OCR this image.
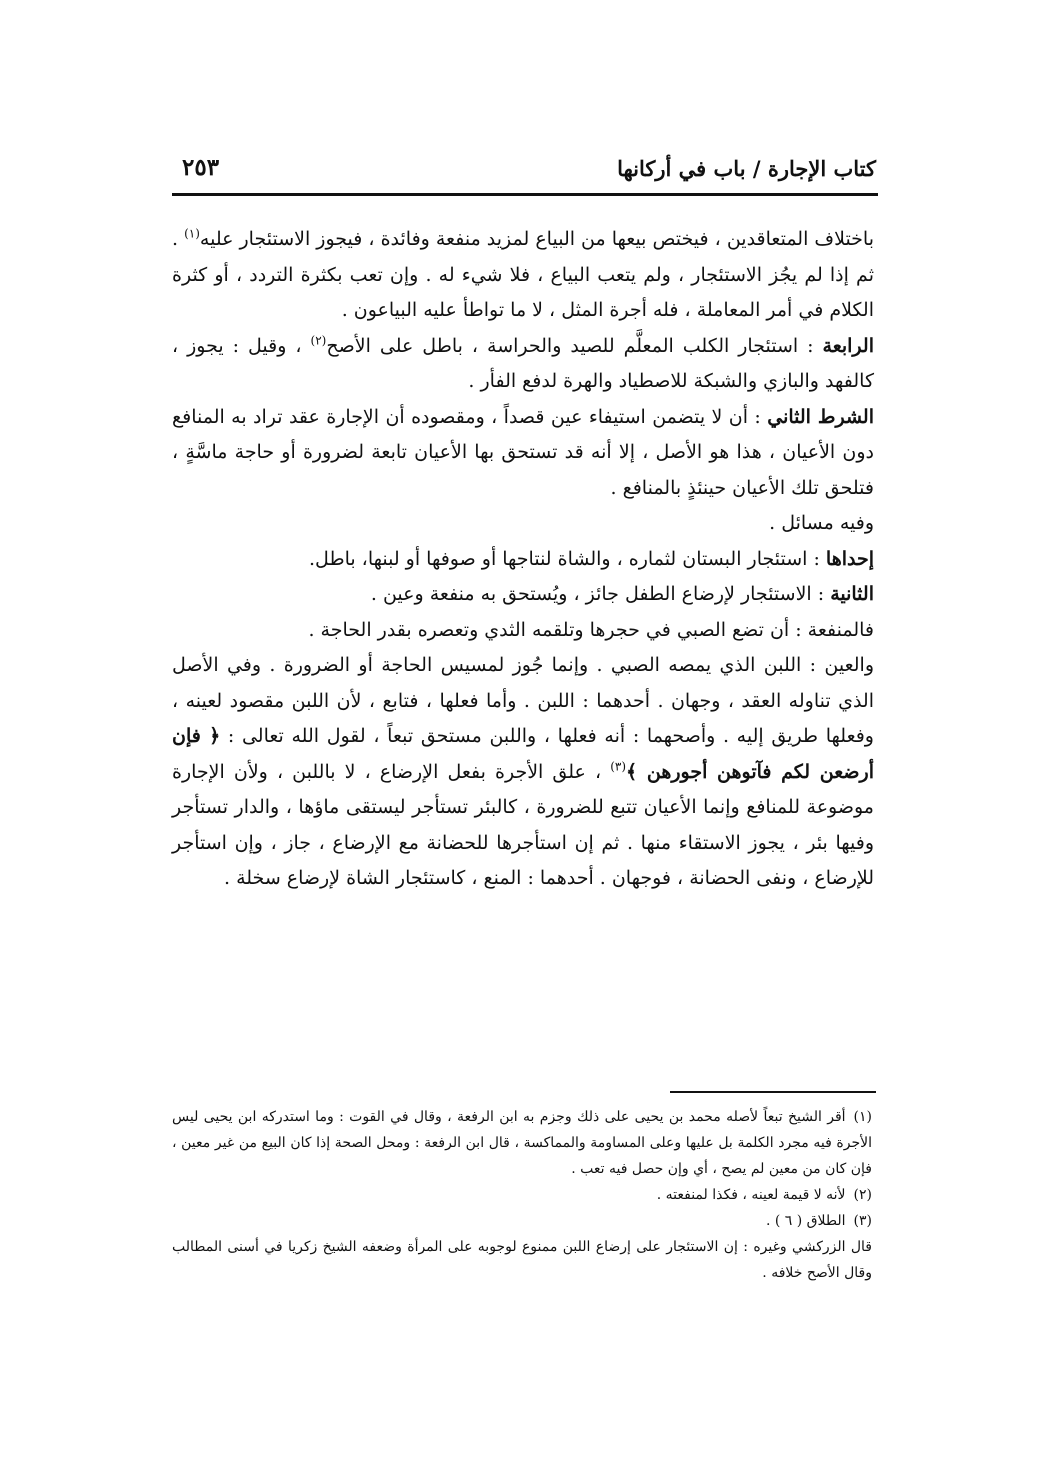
كتاب الإجارة / باب في أركانها
٢٥٣

باختلاف المتعاقدين ، فيختص بيعها من البياع لمزيد منفعة وفائدة ، فيجوز الاستئجار عليه$^{(١)}$ . ثم إذا لم يجُز الاستئجار ، ولم يتعب البياع ، فلا شيء له . وإن تعب بكثرة التردد ، أو كثرة الكلام في أمر المعاملة ، فله أجرة المثل ، لا ما تواطأ عليه البياعون .

الرابعة : استئجار الكلب المعلَّم للصيد والحراسة ، باطل على الأصح$^{(٢)}$ ، وقيل : يجوز ، كالفهد والبازي والشبكة للاصطياد والهرة لدفع الفأر .

الشرط الثاني : أن لا يتضمن استيفاء عين قصداً ، ومقصوده أن الإجارة عقد تراد به المنافع دون الأعيان ، هذا هو الأصل ، إلا أنه قد تستحق بها الأعيان تابعة لضرورة أو حاجة ماسَّةٍ ، فتلحق تلك الأعيان حينئذٍ بالمنافع .

وفيه مسائل .

إحداها : استئجار البستان لثماره ، والشاة لنتاجها أو صوفها أو لبنها، باطل.

الثانية : الاستئجار لإرضاع الطفل جائز ، ويُستحق به منفعة وعين .

فالمنفعة : أن تضع الصبي في حجرها وتلقمه الثدي وتعصره بقدر الحاجة .

والعين : اللبن الذي يمصه الصبي . وإنما جُوز لمسيس الحاجة أو الضرورة . وفي الأصل الذي تناوله العقد ، وجهان . أحدهما : اللبن . وأما فعلها ، فتابع ، لأن اللبن مقصود لعينه ، وفعلها طريق إليه . وأصحهما : أنه فعلها ، واللبن مستحق تبعاً ، لقول الله تعالى : ﴿ فإن أرضعن لكم فآتوهن أجورهن ﴾$^{(٣)}$ ، علق الأجرة بفعل الإرضاع ، لا باللبن ، ولأن الإجارة موضوعة للمنافع وإنما الأعيان تتبع للضرورة ، كالبئر تستأجر ليستقى ماؤها ، والدار تستأجر وفيها بئر ، يجوز الاستقاء منها . ثم إن استأجرها للحضانة مع الإرضاع ، جاز ، وإن استأجر للإرضاع ، ونفى الحضانة ، فوجهان . أحدهما : المنع ، كاستئجار الشاة لإرضاع سخلة .

(١)أقر الشيخ تبعاً لأصله محمد بن يحيى على ذلك وجزم به ابن الرفعة ، وقال في القوت : وما استدركه ابن يحيى ليس الأجرة فيه مجرد الكلمة بل عليها وعلى المساومة والمماكسة ، قال ابن الرفعة : ومحل الصحة إذا كان البيع من غير معين ، فإن كان من معين لم يصح ، أي وإن حصل فيه تعب .

(٢)لأنه لا قيمة لعينه ، فكذا لمنفعته .

(٣)الطلاق ( ٦ ) .

قال الزركشي وغيره : إن الاستئجار على إرضاع اللبن ممنوع لوجوبه على المرأة وضعفه الشيخ زكريا في أسنى المطالب وقال الأصح خلافه .
